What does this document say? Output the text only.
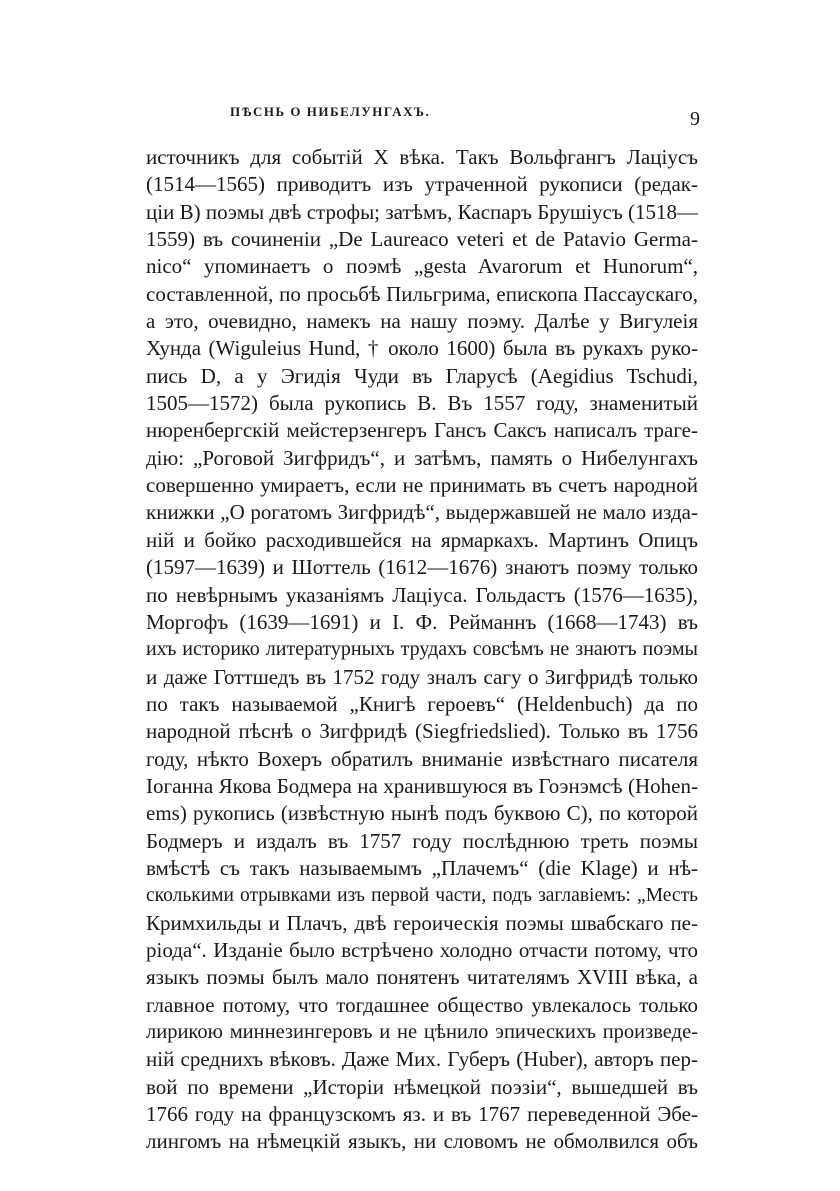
ПѢСНЬ О НИБЕЛУНГАХЪ.	9
источникъ для событій X вѣка. Такъ Вольфгангъ Лаціусъ
(1514—1565) приводитъ изъ утраченной рукописи (редак-
ціи В) поэмы двѣ строфы; затѣмъ, Каспаръ Брушіусъ (1518—
1559) въ сочиненіи „De Laureaco veteri et de Patavio Germa-
nico“ упоминаетъ о поэмѣ „gesta Avarorum et Hunorum“,
составленной, по просьбѣ Пильгрима, епископа Пассаускаго,
а это, очевидно, намекъ на нашу поэму. Далѣе у Вигулеія
Хунда (Wiguleius Hund, † около 1600) была въ рукахъ руко-
пись D, а у Эгидія Чуди въ Гларусѣ (Aegidius Tschudi,
1505—1572) была рукопись В. Въ 1557 году, знаменитый
нюренбергскій мейстерзенгеръ Гансъ Саксъ написалъ траге-
дію: „Роговой Зигфридъ“, и затѣмъ, память о Нибелунгахъ
совершенно умираетъ, если не принимать въ счетъ народной
книжки „О рогатомъ Зигфридѣ“, выдержавшей не мало изда-
ній и бойко расходившейся на ярмаркахъ. Мартинъ Опицъ
(1597—1639) и Шоттель (1612—1676) знаютъ поэму только
по невѣрнымъ указаніямъ Лаціуса. Гольдастъ (1576—1635),
Моргофъ (1639—1691) и І. Ф. Рейманнъ (1668—1743) въ
ихъ историко литературныхъ трудахъ совсѣмъ не знаютъ поэмы
и даже Готтшедъ въ 1752 году зналъ сагу о Зигфридѣ только
по такъ называемой „Книгѣ героевъ“ (Heldenbuch) да по
народной пѣснѣ о Зигфридѣ (Siegfriedslied). Только въ 1756
году, нѣкто Вохеръ обратилъ вниманіе извѣстнаго писателя
Іоганна Якова Бодмера на хранившуюся въ Гоэнэмсѣ (Hohen-
ems) рукопись (извѣстную нынѣ подъ буквою С), по которой
Бодмеръ и издалъ въ 1757 году послѣднюю треть поэмы
вмѣстѣ съ такъ называемымъ „Плачемъ“ (die Klage) и нѣ-
сколькими отрывками изъ первой части, подъ заглавіемъ: „Месть
Кримхильды и Плачъ, двѣ героическія поэмы швабскаго пе-
ріода“. Изданіе было встрѣчено холодно отчасти потому, что
языкъ поэмы былъ мало понятенъ читателямъ XVIII вѣка, а
главное потому, что тогдашнее общество увлекалось только
лирикою миннезингеровъ и не цѣнило эпическихъ произведе-
ній среднихъ вѣковъ. Даже Мих. Губеръ (Huber), авторъ пер-
вой по времени „Исторіи нѣмецкой поэзіи“, вышедшей въ
1766 году на французскомъ яз. и въ 1767 переведенной Эбе-
лингомъ на нѣмецкій языкъ, ни словомъ не обмолвился объ
